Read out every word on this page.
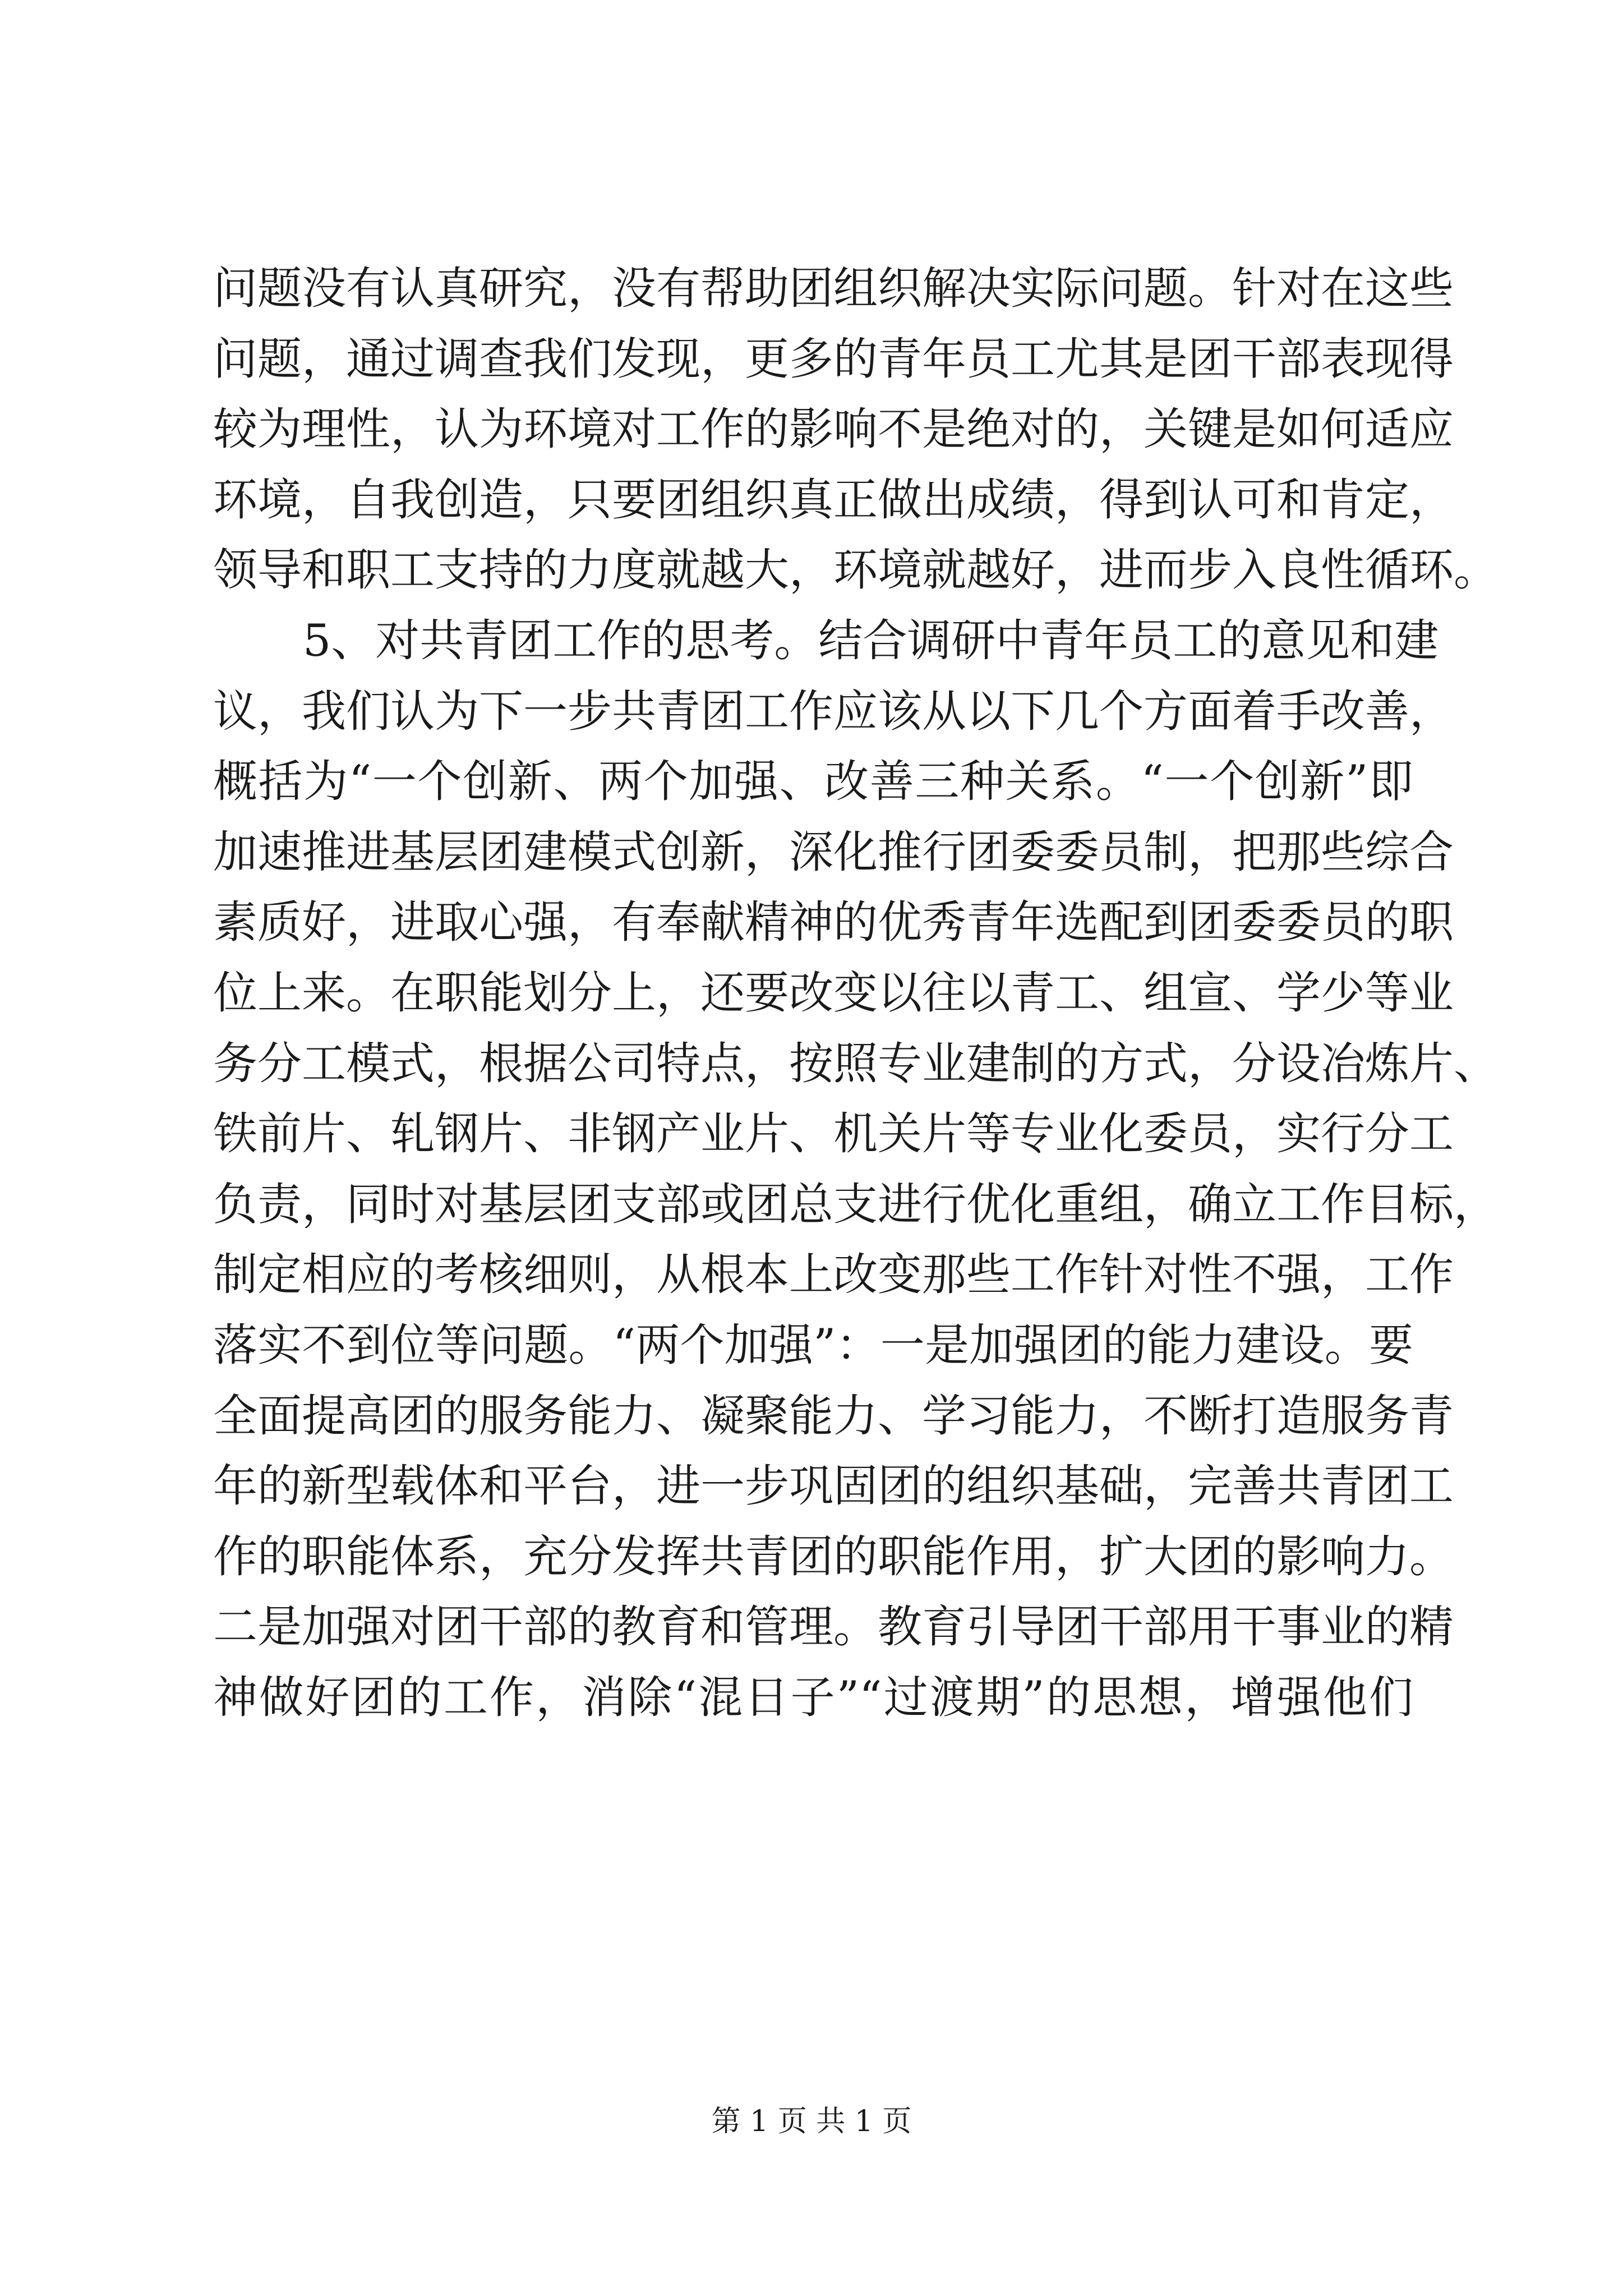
问题没有认真研究，没有帮助团组织解决实际问题。针对在这些
问题，通过调查我们发现，更多的青年员工尤其是团干部表现得
较为理性，认为环境对工作的影响不是绝对的，关键是如何适应
环境，自我创造，只要团组织真正做出成绩，得到认可和肯定，
领导和职工支持的力度就越大，环境就越好，进而步入良性循环。
5、对共青团工作的思考。结合调研中青年员工的意见和建
议，我们认为下一步共青团工作应该从以下几个方面着手改善，
概括为“一个创新、两个加强、改善三种关系。“一个创新”即
加速推进基层团建模式创新，深化推行团委委员制，把那些综合
素质好，进取心强，有奉献精神的优秀青年选配到团委委员的职
位上来。在职能划分上，还要改变以往以青工、组宣、学少等业
务分工模式，根据公司特点，按照专业建制的方式，分设冶炼片、
铁前片、轧钢片、非钢产业片、机关片等专业化委员，实行分工
负责，同时对基层团支部或团总支进行优化重组，确立工作目标，
制定相应的考核细则，从根本上改变那些工作针对性不强，工作
落实不到位等问题。“两个加强”：一是加强团的能力建设。要
全面提高团的服务能力、凝聚能力、学习能力，不断打造服务青
年的新型载体和平台，进一步巩固团的组织基础，完善共青团工
作的职能体系，充分发挥共青团的职能作用，扩大团的影响力。
二是加强对团干部的教育和管理。教育引导团干部用干事业的精
神做好团的工作，消除“混日子”“过渡期”的思想，增强他们
第 1 页 共 1 页
